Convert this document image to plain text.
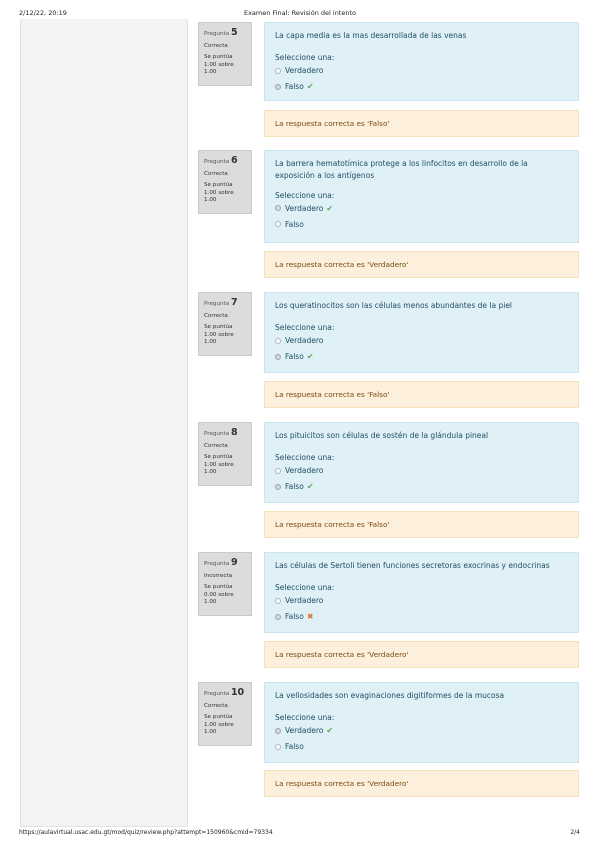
2/12/22, 20:19	Examen Final: Revisión del intento
Pregunta 5
Correcta
Se puntúa 1.00 sobre 1.00
La capa media es la mas desarrollada de las venas
Seleccione una:
Verdadero
Falso ✔
La respuesta correcta es 'Falso'
Pregunta 6
Correcta
Se puntúa 1.00 sobre 1.00
La barrera hematotímica protege a los linfocitos en desarrollo de la exposición a los antígenos
Seleccione una:
Verdadero ✔
Falso
La respuesta correcta es 'Verdadero'
Pregunta 7
Correcta
Se puntúa 1.00 sobre 1.00
Los queratinocitos son las células menos abundantes de la piel
Seleccione una:
Verdadero
Falso ✔
La respuesta correcta es 'Falso'
Pregunta 8
Correcta
Se puntúa 1.00 sobre 1.00
Los pituicitos son células de sostén de la glándula pineal
Seleccione una:
Verdadero
Falso ✔
La respuesta correcta es 'Falso'
Pregunta 9
Incorrecta
Se puntúa 0.00 sobre 1.00
Las células de Sertoli tienen funciones secretoras exocrinas y endocrinas
Seleccione una:
Verdadero
Falso ✖
La respuesta correcta es 'Verdadero'
Pregunta 10
Correcta
Se puntúa 1.00 sobre 1.00
La vellosidades son evaginaciones digitiformes de la mucosa
Seleccione una:
Verdadero ✔
Falso
La respuesta correcta es 'Verdadero'
https://aulavirtual.usac.edu.gt/mod/quiz/review.php?attempt=150960&cmid=79334	2/4
